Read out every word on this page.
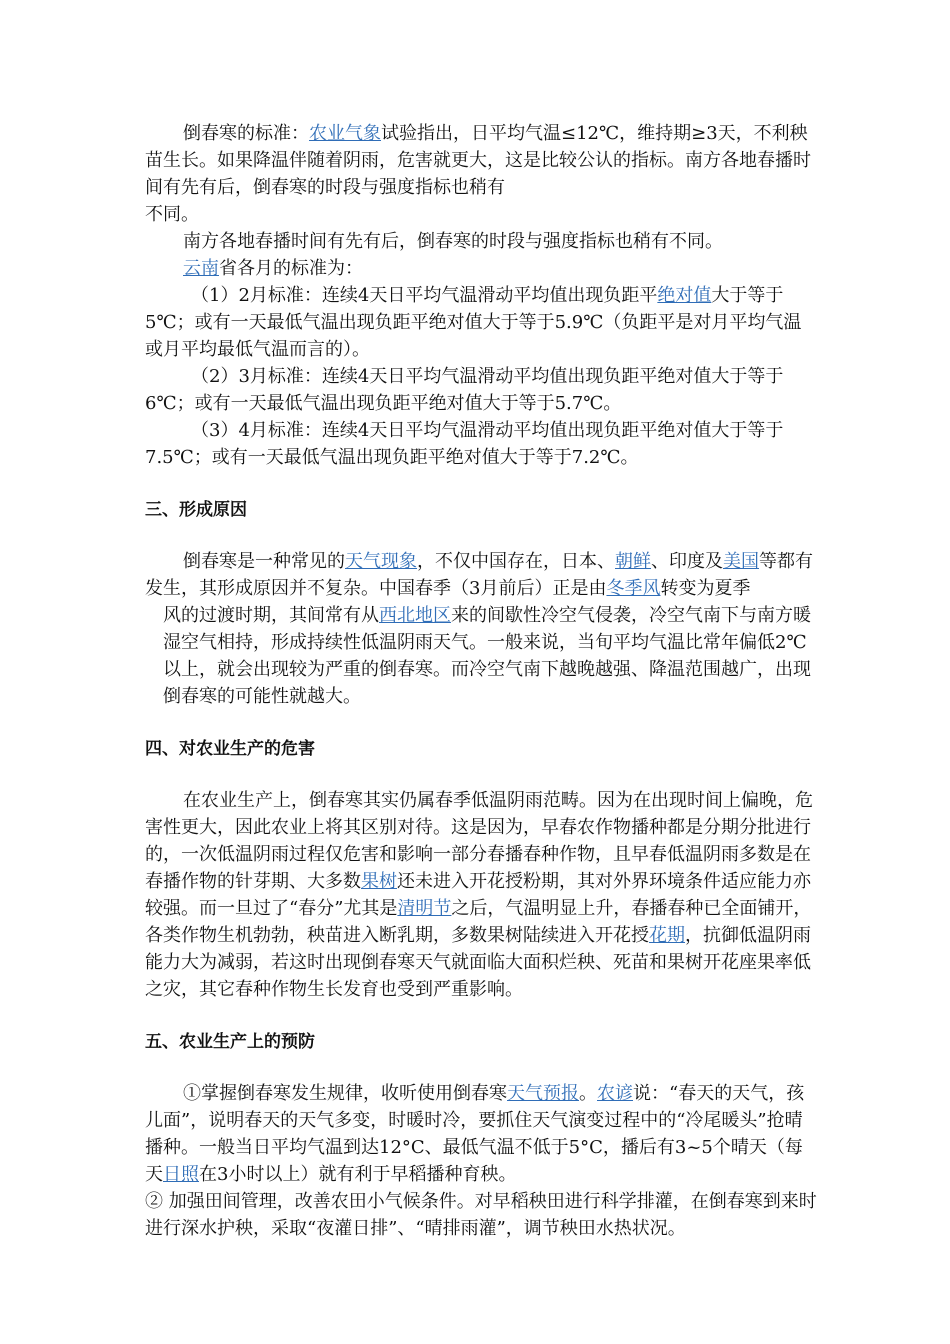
倒春寒的标准：农业气象试验指出，日平均气温≤12℃，维持期≥3天，不利秧苗生长。如果降温伴随着阴雨，危害就更大，这是比较公认的指标。南方各地春播时间有先有后，倒春寒的时段与强度指标也稍有

不同。

南方各地春播时间有先有后，倒春寒的时段与强度指标也稍有不同。

云南省各月的标准为：

（1）2月标准：连续4天日平均气温滑动平均值出现负距平绝对值大于等于5℃；或有一天最低气温出现负距平绝对值大于等于5.9℃（负距平是对月平均气温或月平均最低气温而言的）。

（2）3月标准：连续4天日平均气温滑动平均值出现负距平绝对值大于等于6℃；或有一天最低气温出现负距平绝对值大于等于5.7℃。

（3）4月标准：连续4天日平均气温滑动平均值出现负距平绝对值大于等于7.5℃；或有一天最低气温出现负距平绝对值大于等于7.2℃。

三、形成原因

倒春寒是一种常见的天气现象，不仅中国存在，日本、朝鲜、印度及美国等都有发生，其形成原因并不复杂。中国春季（3月前后）正是由冬季风转变为夏季

风的过渡时期，其间常有从西北地区来的间歇性冷空气侵袭，冷空气南下与南方暖湿空气相持，形成持续性低温阴雨天气。一般来说，当旬平均气温比常年偏低2℃以上，就会出现较为严重的倒春寒。而冷空气南下越晚越强、降温范围越广，出现倒春寒的可能性就越大。

四、对农业生产的危害

在农业生产上，倒春寒其实仍属春季低温阴雨范畴。因为在出现时间上偏晚，危害性更大，因此农业上将其区别对待。这是因为，早春农作物播种都是分期分批进行的，一次低温阴雨过程仅危害和影响一部分春播春种作物，且早春低温阴雨多数是在春播作物的针芽期、大多数果树还未进入开花授粉期，其对外界环境条件适应能力亦较强。而一旦过了“春分”尤其是清明节之后，气温明显上升，春播春种已全面铺开，各类作物生机勃勃，秧苗进入断乳期，多数果树陆续进入开花授花期，抗御低温阴雨能力大为减弱，若这时出现倒春寒天气就面临大面积烂秧、死苗和果树开花座果率低之灾，其它春种作物生长发育也受到严重影响。

五、农业生产上的预防

①掌握倒春寒发生规律，收听使用倒春寒天气预报。农谚说：“春天的天气，孩儿面”，说明春天的天气多变，时暖时冷，要抓住天气演变过程中的“冷尾暖头”抢晴播种。一般当日平均气温到达12°C、最低气温不低于5°C，播后有3~5个晴天（每天日照在3小时以上）就有利于早稻播种育秧。

② 加强田间管理，改善农田小气候条件。对早稻秧田进行科学排灌，在倒春寒到来时进行深水护秧，采取“夜灌日排”、“晴排雨灌”，调节秧田水热状况。
